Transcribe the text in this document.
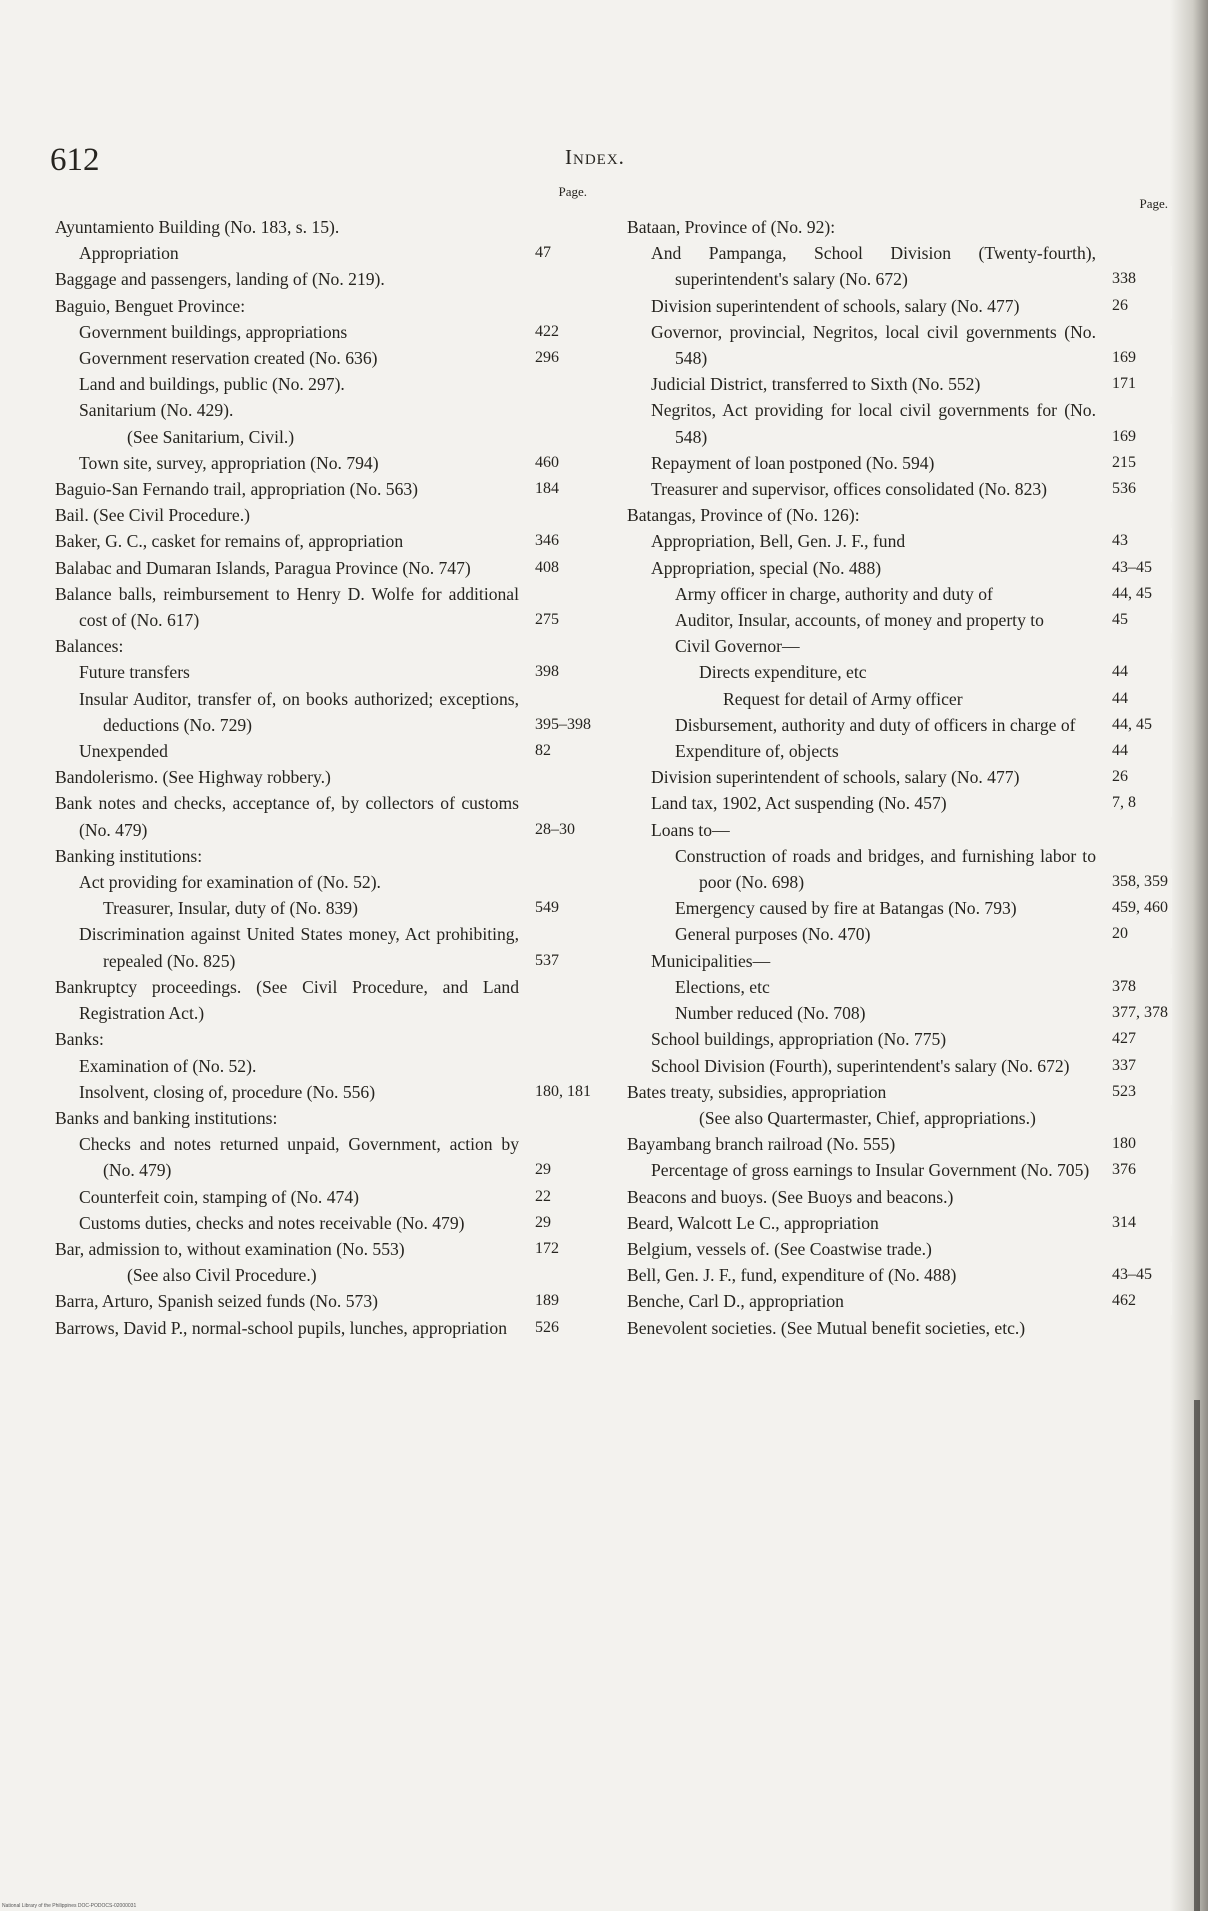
612	Index.
Page.
Ayuntamiento Building (No. 183, s. 15).
Appropriation	47
Baggage and passengers, landing of (No. 219).
Baguio, Benguet Province:
Government buildings, appropriations	422
Government reservation created (No. 636)	296
Land and buildings, public (No. 297).
Sanitarium (No. 429).
(See Sanitarium, Civil.)
Town site, survey, appropriation (No. 794)	460
Baguio-San Fernando trail, appropriation (No. 563)	184
Bail. (See Civil Procedure.)
Baker, G. C., casket for remains of, appropriation	346
Balabac and Dumaran Islands, Paragua Province (No. 747)	408
Balance balls, reimbursement to Henry D. Wolfe for additional cost of (No. 617)	275
Balances:
Future transfers	398
Insular Auditor, transfer of, on books authorized; exceptions, deductions (No. 729)	395–398
Unexpended	82
Bandolerismo. (See Highway robbery.)
Bank notes and checks, acceptance of, by collectors of customs (No. 479)	28–30
Banking institutions:
Act providing for examination of (No. 52).
Treasurer, Insular, duty of (No. 839)	549
Discrimination against United States money, Act prohibiting, repealed (No. 825)	537
Bankruptcy proceedings. (See Civil Procedure, and Land Registration Act.)
Banks:
Examination of (No. 52).
Insolvent, closing of, procedure (No. 556)	180, 181
Banks and banking institutions:
Checks and notes returned unpaid, Government, action by (No. 479)	29
Counterfeit coin, stamping of (No. 474)	22
Customs duties, checks and notes receivable (No. 479)	29
Bar, admission to, without examination (No. 553)	172
(See also Civil Procedure.)
Barra, Arturo, Spanish seized funds (No. 573)	189
Barrows, David P., normal-school pupils, lunches, appropriation 526
Page.
Bataan, Province of (No. 92):
And Pampanga, School Division (Twenty-fourth), superintendent's salary (No. 672)	338
Division superintendent of schools, salary (No. 477)	26
Governor, provincial, Negritos, local civil governments (No. 548)	169
Judicial District, transferred to Sixth (No. 552)	171
Negritos, Act providing for local civil governments for (No. 548)	169
Repayment of loan postponed (No. 594)	215
Treasurer and supervisor, offices consolidated (No. 823)	536
Batangas, Province of (No. 126):
Appropriation, Bell, Gen. J. F., fund	43
Appropriation, special (No. 488)	43–45
Army officer in charge, authority and duty of	44, 45
Auditor, Insular, accounts, of money and property to	45
Civil Governor—
Directs expenditure, etc	44
Request for detail of Army officer	44
Disbursement, authority and duty of officers in charge of 44, 45
Expenditure of, objects	44
Division superintendent of schools, salary (No. 477)	26
Land tax, 1902, Act suspending (No. 457)	7, 8
Loans to—
Construction of roads and bridges, and furnishing labor to poor (No. 698)	358, 359
Emergency caused by fire at Batangas (No. 793)	459, 460
General purposes (No. 470)	20
Municipalities—
Elections, etc	378
Number reduced (No. 708)	377, 378
School buildings, appropriation (No. 775)	427
School Division (Fourth), superintendent's salary (No. 672)	337
Bates treaty, subsidies, appropriation	523
(See also Quartermaster, Chief, appropriations.)
Bayambang branch railroad (No. 555)	180
Percentage of gross earnings to Insular Government (No. 705) 376
Beacons and buoys. (See Buoys and beacons.)
Beard, Walcott Le C., appropriation	314
Belgium, vessels of. (See Coastwise trade.)
Bell, Gen. J. F., fund, expenditure of (No. 488)	43–45
Benche, Carl D., appropriation	462
Benevolent societies. (See Mutual benefit societies, etc.)
National Library of the Philippines DOC-PODOCS-02000031
